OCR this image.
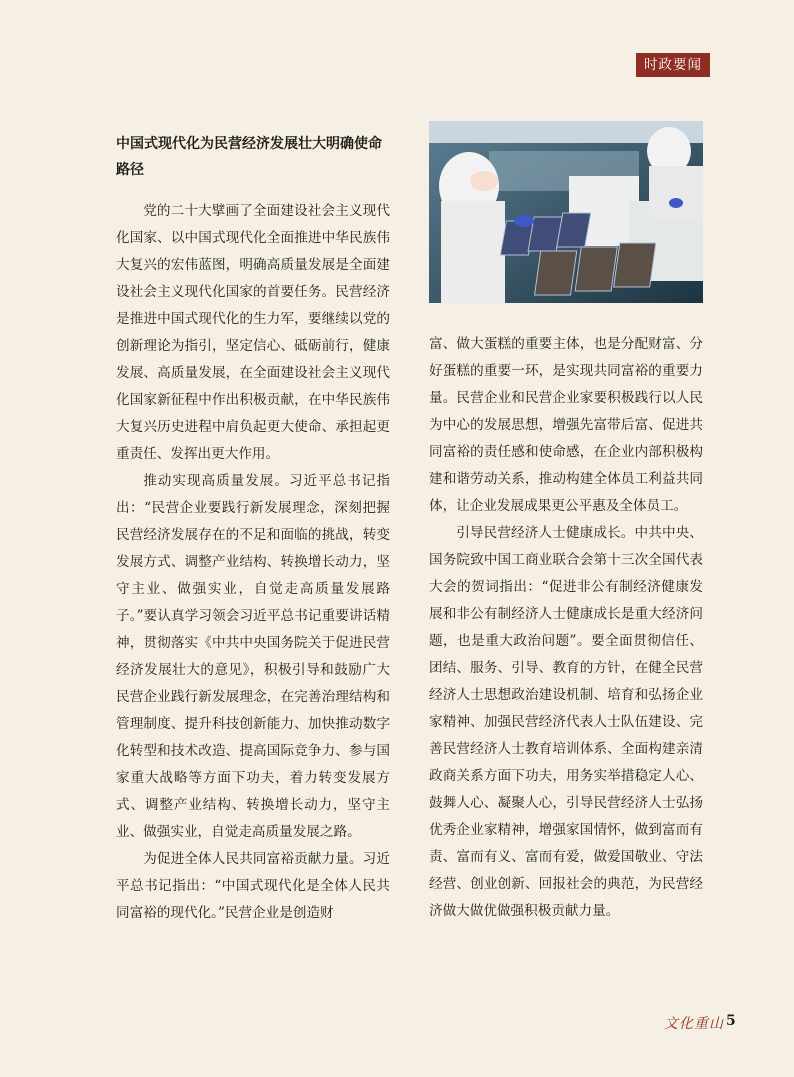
时政要闻
中国式现代化为民营经济发展壮大明确使命路径

党的二十大擘画了全面建设社会主义现代化国家、以中国式现代化全面推进中华民族伟大复兴的宏伟蓝图，明确高质量发展是全面建设社会主义现代化国家的首要任务。民营经济是推进中国式现代化的生力军，要继续以党的创新理论为指引，坚定信心、砥砺前行，健康发展、高质量发展，在全面建设社会主义现代化国家新征程中作出积极贡献，在中华民族伟大复兴历史进程中肩负起更大使命、承担起更重责任、发挥出更大作用。

推动实现高质量发展。习近平总书记指出：“民营企业要践行新发展理念，深刻把握民营经济发展存在的不足和面临的挑战，转变发展方式、调整产业结构、转换增长动力，坚守主业、做强实业，自觉走高质量发展路子。”要认真学习领会习近平总书记重要讲话精神，贯彻落实《中共中央国务院关于促进民营经济发展壮大的意见》，积极引导和鼓励广大民营企业践行新发展理念，在完善治理结构和管理制度、提升科技创新能力、加快推动数字化转型和技术改造、提高国际竞争力、参与国家重大战略等方面下功夫，着力转变发展方式、调整产业结构、转换增长动力，坚守主业、做强实业，自觉走高质量发展之路。

为促进全体人民共同富裕贡献力量。习近平总书记指出：“中国式现代化是全体人民共同富裕的现代化。”民营企业是创造财

富、做大蛋糕的重要主体，也是分配财富、分好蛋糕的重要一环，是实现共同富裕的重要力量。民营企业和民营企业家要积极践行以人民为中心的发展思想，增强先富带后富、促进共同富裕的责任感和使命感，在企业内部积极构建和谐劳动关系，推动构建全体员工利益共同体，让企业发展成果更公平惠及全体员工。

引导民营经济人士健康成长。中共中央、国务院致中国工商业联合会第十三次全国代表大会的贺词指出：“促进非公有制经济健康发展和非公有制经济人士健康成长是重大经济问题，也是重大政治问题”。要全面贯彻信任、团结、服务、引导、教育的方针，在健全民营经济人士思想政治建设机制、培育和弘扬企业家精神、加强民营经济代表人士队伍建设、完善民营经济人士教育培训体系、全面构建亲清政商关系方面下功夫，用务实举措稳定人心、鼓舞人心、凝聚人心，引导民营经济人士弘扬优秀企业家精神，增强家国情怀，做到富而有责、富而有义、富而有爱，做爱国敬业、守法经营、创业创新、回报社会的典范，为民营经济做大做优做强积极贡献力量。

文化重山 5
